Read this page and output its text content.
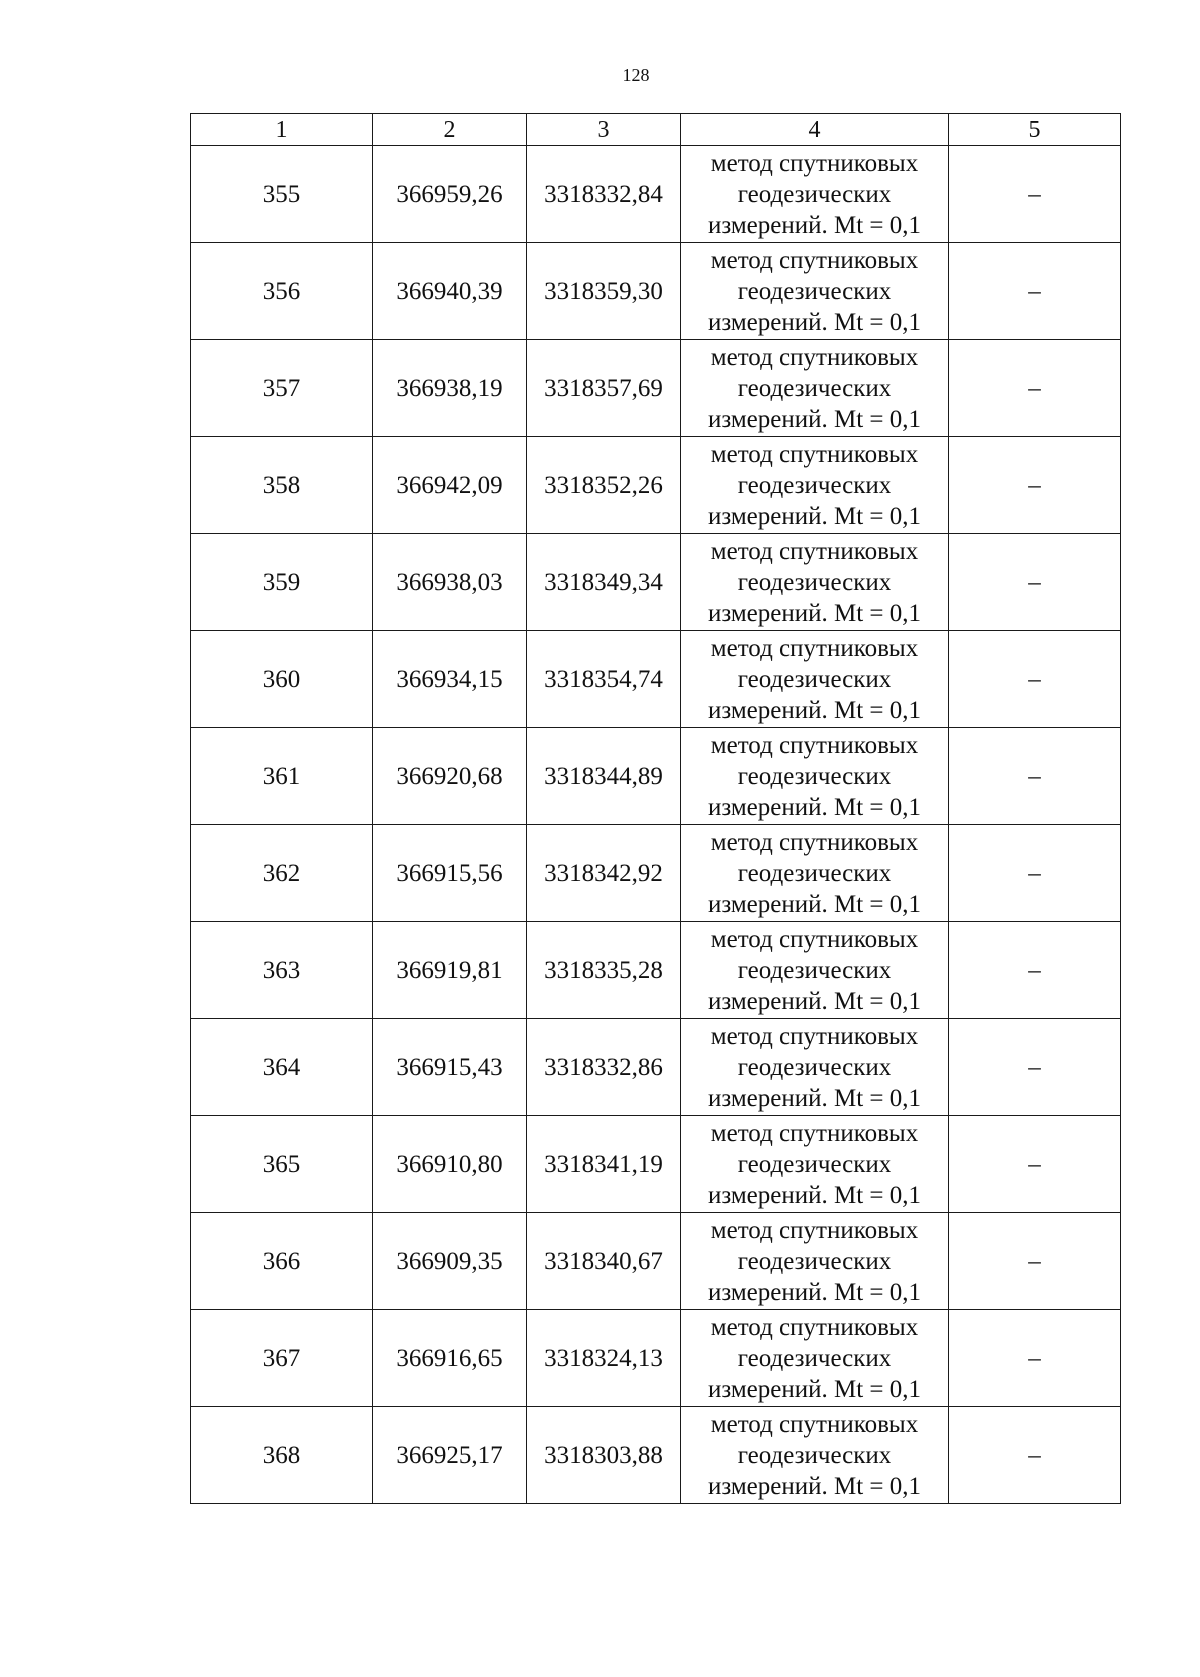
128
1	2	3	4	5
355	366959,26	3318332,84	метод спутниковых
геодезических
измерений. Mt = 0,1	–
356	366940,39	3318359,30	метод спутниковых
геодезических
измерений. Mt = 0,1	–
357	366938,19	3318357,69	метод спутниковых
геодезических
измерений. Mt = 0,1	–
358	366942,09	3318352,26	метод спутниковых
геодезических
измерений. Mt = 0,1	–
359	366938,03	3318349,34	метод спутниковых
геодезических
измерений. Mt = 0,1	–
360	366934,15	3318354,74	метод спутниковых
геодезических
измерений. Mt = 0,1	–
361	366920,68	3318344,89	метод спутниковых
геодезических
измерений. Mt = 0,1	–
362	366915,56	3318342,92	метод спутниковых
геодезических
измерений. Mt = 0,1	–
363	366919,81	3318335,28	метод спутниковых
геодезических
измерений. Mt = 0,1	–
364	366915,43	3318332,86	метод спутниковых
геодезических
измерений. Mt = 0,1	–
365	366910,80	3318341,19	метод спутниковых
геодезических
измерений. Mt = 0,1	–
366	366909,35	3318340,67	метод спутниковых
геодезических
измерений. Mt = 0,1	–
367	366916,65	3318324,13	метод спутниковых
геодезических
измерений. Mt = 0,1	–
368	366925,17	3318303,88	метод спутниковых
геодезических
измерений. Mt = 0,1	–
